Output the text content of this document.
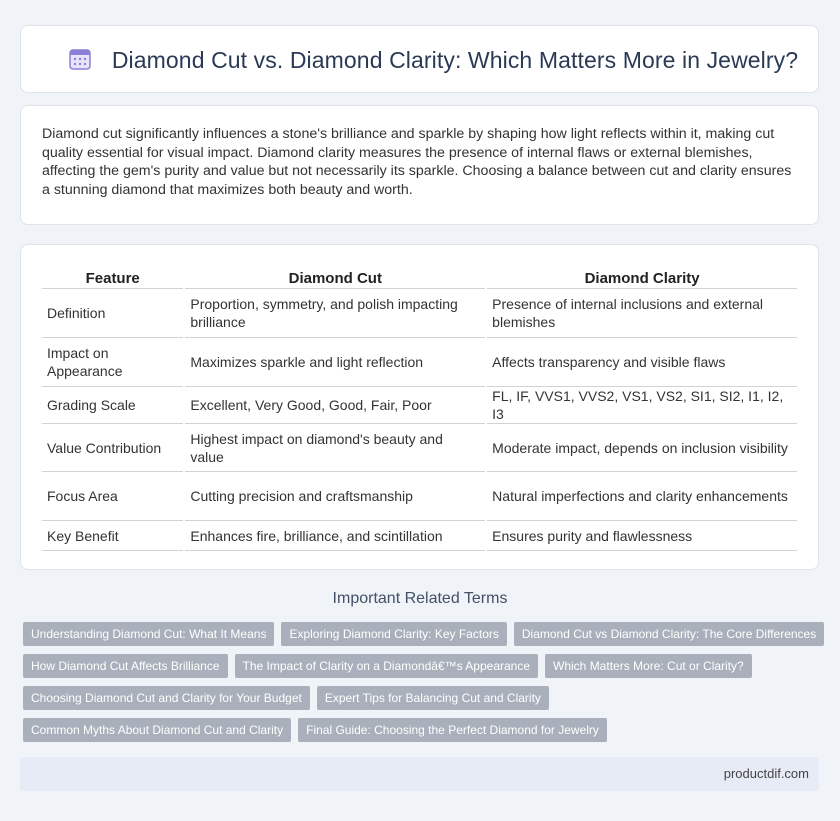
Diamond Cut vs. Diamond Clarity: Which Matters More in Jewelry?

Diamond cut significantly influences a stone's brilliance and sparkle by shaping how light reflects within it, making cut quality essential for visual impact. Diamond clarity measures the presence of internal flaws or external blemishes, affecting the gem's purity and value but not necessarily its sparkle. Choosing a balance between cut and clarity ensures a stunning diamond that maximizes both beauty and worth.

Feature	Diamond Cut	Diamond Clarity
Definition	Proportion, symmetry, and polish impacting brilliance	Presence of internal inclusions and external blemishes
Impact on Appearance	Maximizes sparkle and light reflection	Affects transparency and visible flaws
Grading Scale	Excellent, Very Good, Good, Fair, Poor	FL, IF, VVS1, VVS2, VS1, VS2, SI1, SI2, I1, I2, I3
Value Contribution	Highest impact on diamond's beauty and value	Moderate impact, depends on inclusion visibility
Focus Area	Cutting precision and craftsmanship	Natural imperfections and clarity enhancements
Key Benefit	Enhances fire, brilliance, and scintillation	Ensures purity and flawlessness
Important Related Terms
Understanding Diamond Cut: What It Means	Exploring Diamond Clarity: Key Factors	Diamond Cut vs Diamond Clarity: The Core Differences
How Diamond Cut Affects Brilliance	The Impact of Clarity on a Diamondâ€™s Appearance	Which Matters More: Cut or Clarity?
Choosing Diamond Cut and Clarity for Your Budget	Expert Tips for Balancing Cut and Clarity
Common Myths About Diamond Cut and Clarity	Final Guide: Choosing the Perfect Diamond for Jewelry
productdif.com
